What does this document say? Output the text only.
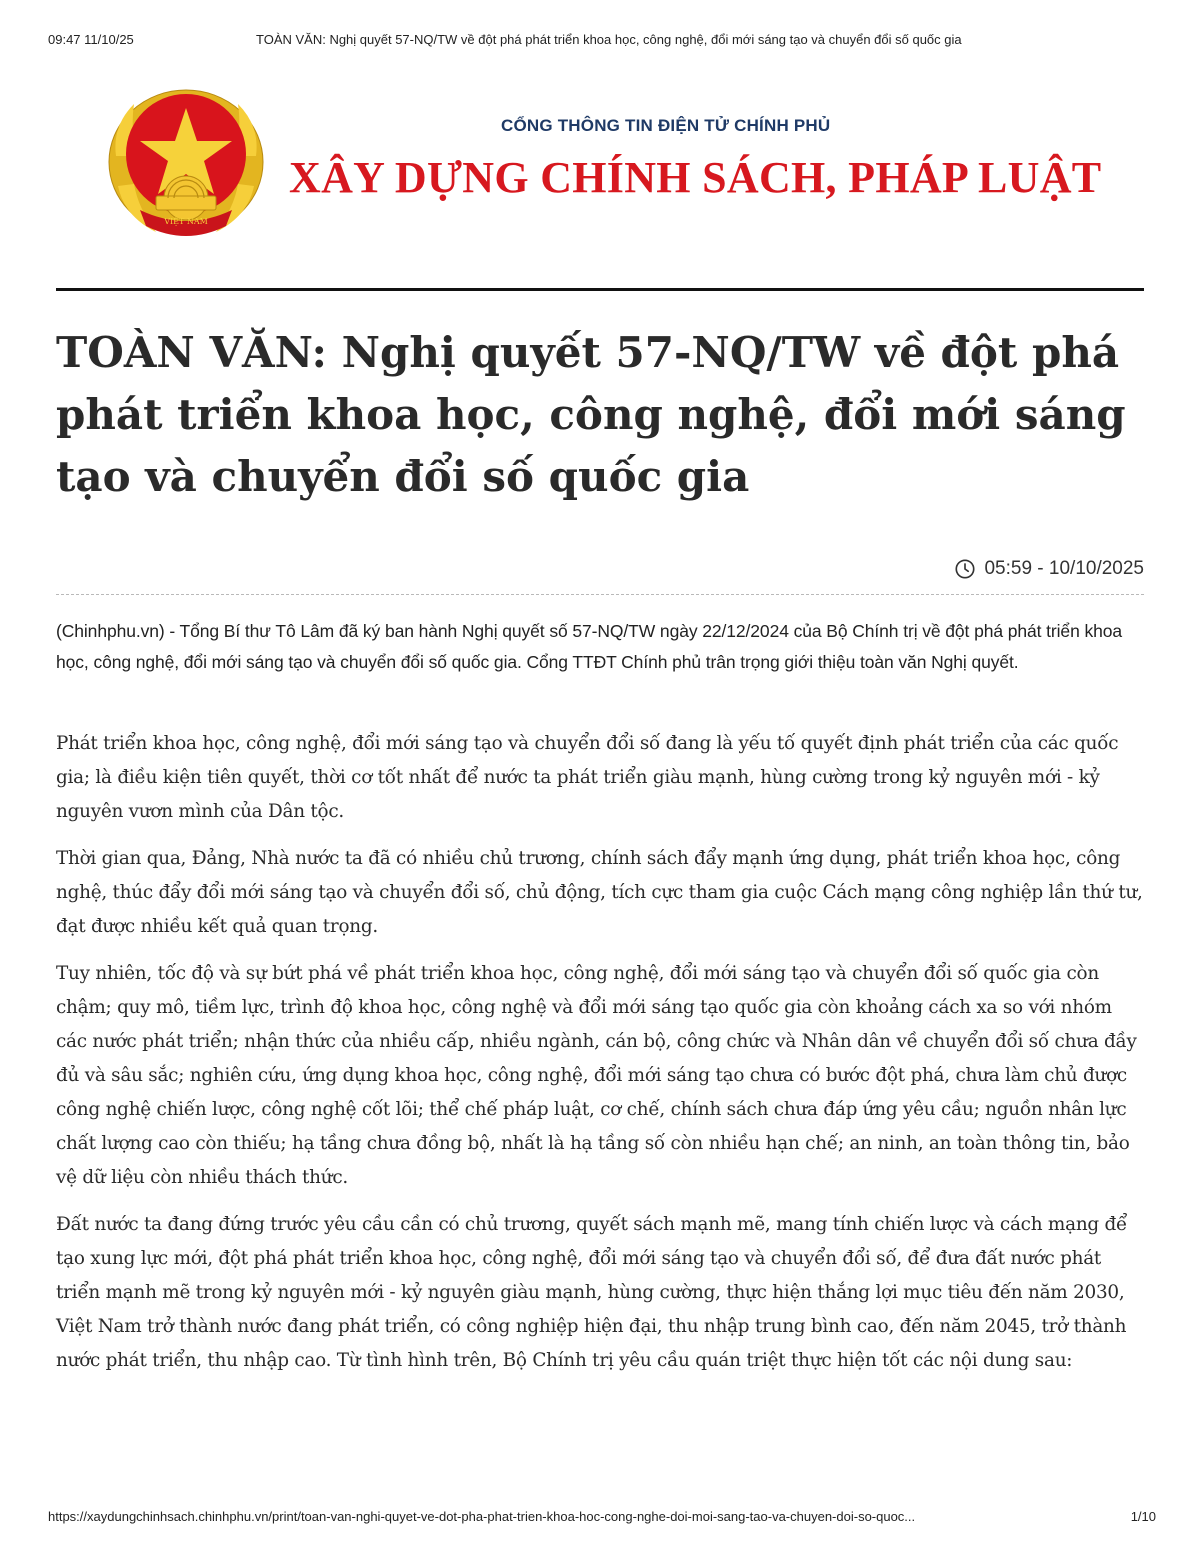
09:47 11/10/25	TOÀN VĂN: Nghị quyết 57-NQ/TW về đột phá phát triển khoa học, công nghệ, đổi mới sáng tạo và chuyển đổi số quốc gia
VIỆT NAM
CỔNG THÔNG TIN ĐIỆN TỬ CHÍNH PHỦ
XÂY DỰNG CHÍNH SÁCH, PHÁP LUẬT
TOÀN VĂN: Nghị quyết 57-NQ/TW về đột phá phát triển khoa học, công nghệ, đổi mới sáng tạo và chuyển đổi số quốc gia
05:59 - 10/10/2025

(Chinhphu.vn) - Tổng Bí thư Tô Lâm đã ký ban hành Nghị quyết số 57-NQ/TW ngày 22/12/2024 của Bộ Chính trị về đột phá phát triển khoa học, công nghệ, đổi mới sáng tạo và chuyển đổi số quốc gia. Cổng TTĐT Chính phủ trân trọng giới thiệu toàn văn Nghị quyết.

Phát triển khoa học, công nghệ, đổi mới sáng tạo và chuyển đổi số đang là yếu tố quyết định phát triển của các quốc gia; là điều kiện tiên quyết, thời cơ tốt nhất để nước ta phát triển giàu mạnh, hùng cường trong kỷ nguyên mới - kỷ nguyên vươn mình của Dân tộc.

Thời gian qua, Đảng, Nhà nước ta đã có nhiều chủ trương, chính sách đẩy mạnh ứng dụng, phát triển khoa học, công nghệ, thúc đẩy đổi mới sáng tạo và chuyển đổi số, chủ động, tích cực tham gia cuộc Cách mạng công nghiệp lần thứ tư, đạt được nhiều kết quả quan trọng.

Tuy nhiên, tốc độ và sự bứt phá về phát triển khoa học, công nghệ, đổi mới sáng tạo và chuyển đổi số quốc gia còn chậm; quy mô, tiềm lực, trình độ khoa học, công nghệ và đổi mới sáng tạo quốc gia còn khoảng cách xa so với nhóm các nước phát triển; nhận thức của nhiều cấp, nhiều ngành, cán bộ, công chức và Nhân dân về chuyển đổi số chưa đầy đủ và sâu sắc; nghiên cứu, ứng dụng khoa học, công nghệ, đổi mới sáng tạo chưa có bước đột phá, chưa làm chủ được công nghệ chiến lược, công nghệ cốt lõi; thể chế pháp luật, cơ chế, chính sách chưa đáp ứng yêu cầu; nguồn nhân lực chất lượng cao còn thiếu; hạ tầng chưa đồng bộ, nhất là hạ tầng số còn nhiều hạn chế; an ninh, an toàn thông tin, bảo vệ dữ liệu còn nhiều thách thức.

Đất nước ta đang đứng trước yêu cầu cần có chủ trương, quyết sách mạnh mẽ, mang tính chiến lược và cách mạng để tạo xung lực mới, đột phá phát triển khoa học, công nghệ, đổi mới sáng tạo và chuyển đổi số, để đưa đất nước phát triển mạnh mẽ trong kỷ nguyên mới - kỷ nguyên giàu mạnh, hùng cường, thực hiện thắng lợi mục tiêu đến năm 2030, Việt Nam trở thành nước đang phát triển, có công nghiệp hiện đại, thu nhập trung bình cao, đến năm 2045, trở thành nước phát triển, thu nhập cao. Từ tình hình trên, Bộ Chính trị yêu cầu quán triệt thực hiện tốt các nội dung sau:

https://xaydungchinhsach.chinhphu.vn/print/toan-van-nghi-quyet-ve-dot-pha-phat-trien-khoa-hoc-cong-nghe-doi-moi-sang-tao-va-chuyen-doi-so-quoc...	1/10
